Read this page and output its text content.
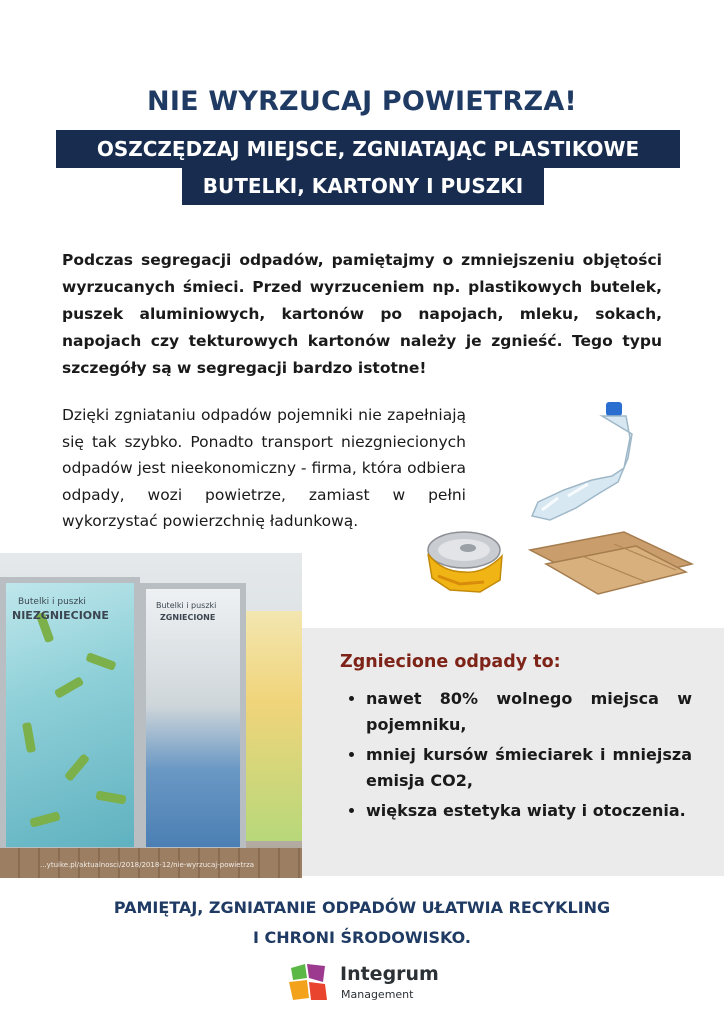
NIE WYRZUCAJ POWIETRZA!
OSZCZĘDZAJ MIEJSCE, ZGNIATAJĄC PLASTIKOWE
BUTELKI, KARTONY I PUSZKI
Podczas segregacji odpadów, pamiętajmy o zmniejszeniu objętości wyrzucanych śmieci. Przed wyrzuceniem np. plastikowych butelek, puszek aluminiowych, kartonów po napojach, mleku, sokach, napojach czy tekturowych kartonów należy je zgnieść. Tego typu szczegóły są w segregacji bardzo istotne!
Dzięki zgniataniu odpadów pojemniki nie zapełniają się tak szybko. Ponadto transport niezgniecionych odpadów jest nieekonomiczny - firma, która odbiera odpady, wozi powietrze, zamiast w pełni wykorzystać powierzchnię ładunkową.
Butelki i puszki
NIEZGNIECIONE
Butelki i puszki
ZGNIECIONE
...ytuike.pl/aktualnosci/2018/2018-12/nie-wyrzucaj-powietrza
Zgniecione odpady to:
• nawet 80% wolnego miejsca w pojemniku,
• mniej kursów śmieciarek i mniejsza emisja CO2,
• większa estetyka wiaty i otoczenia.
PAMIĘTAJ, ZGNIATANIE ODPADÓW UŁATWIA RECYKLING
I CHRONI ŚRODOWISKO.
Integrum
Management
